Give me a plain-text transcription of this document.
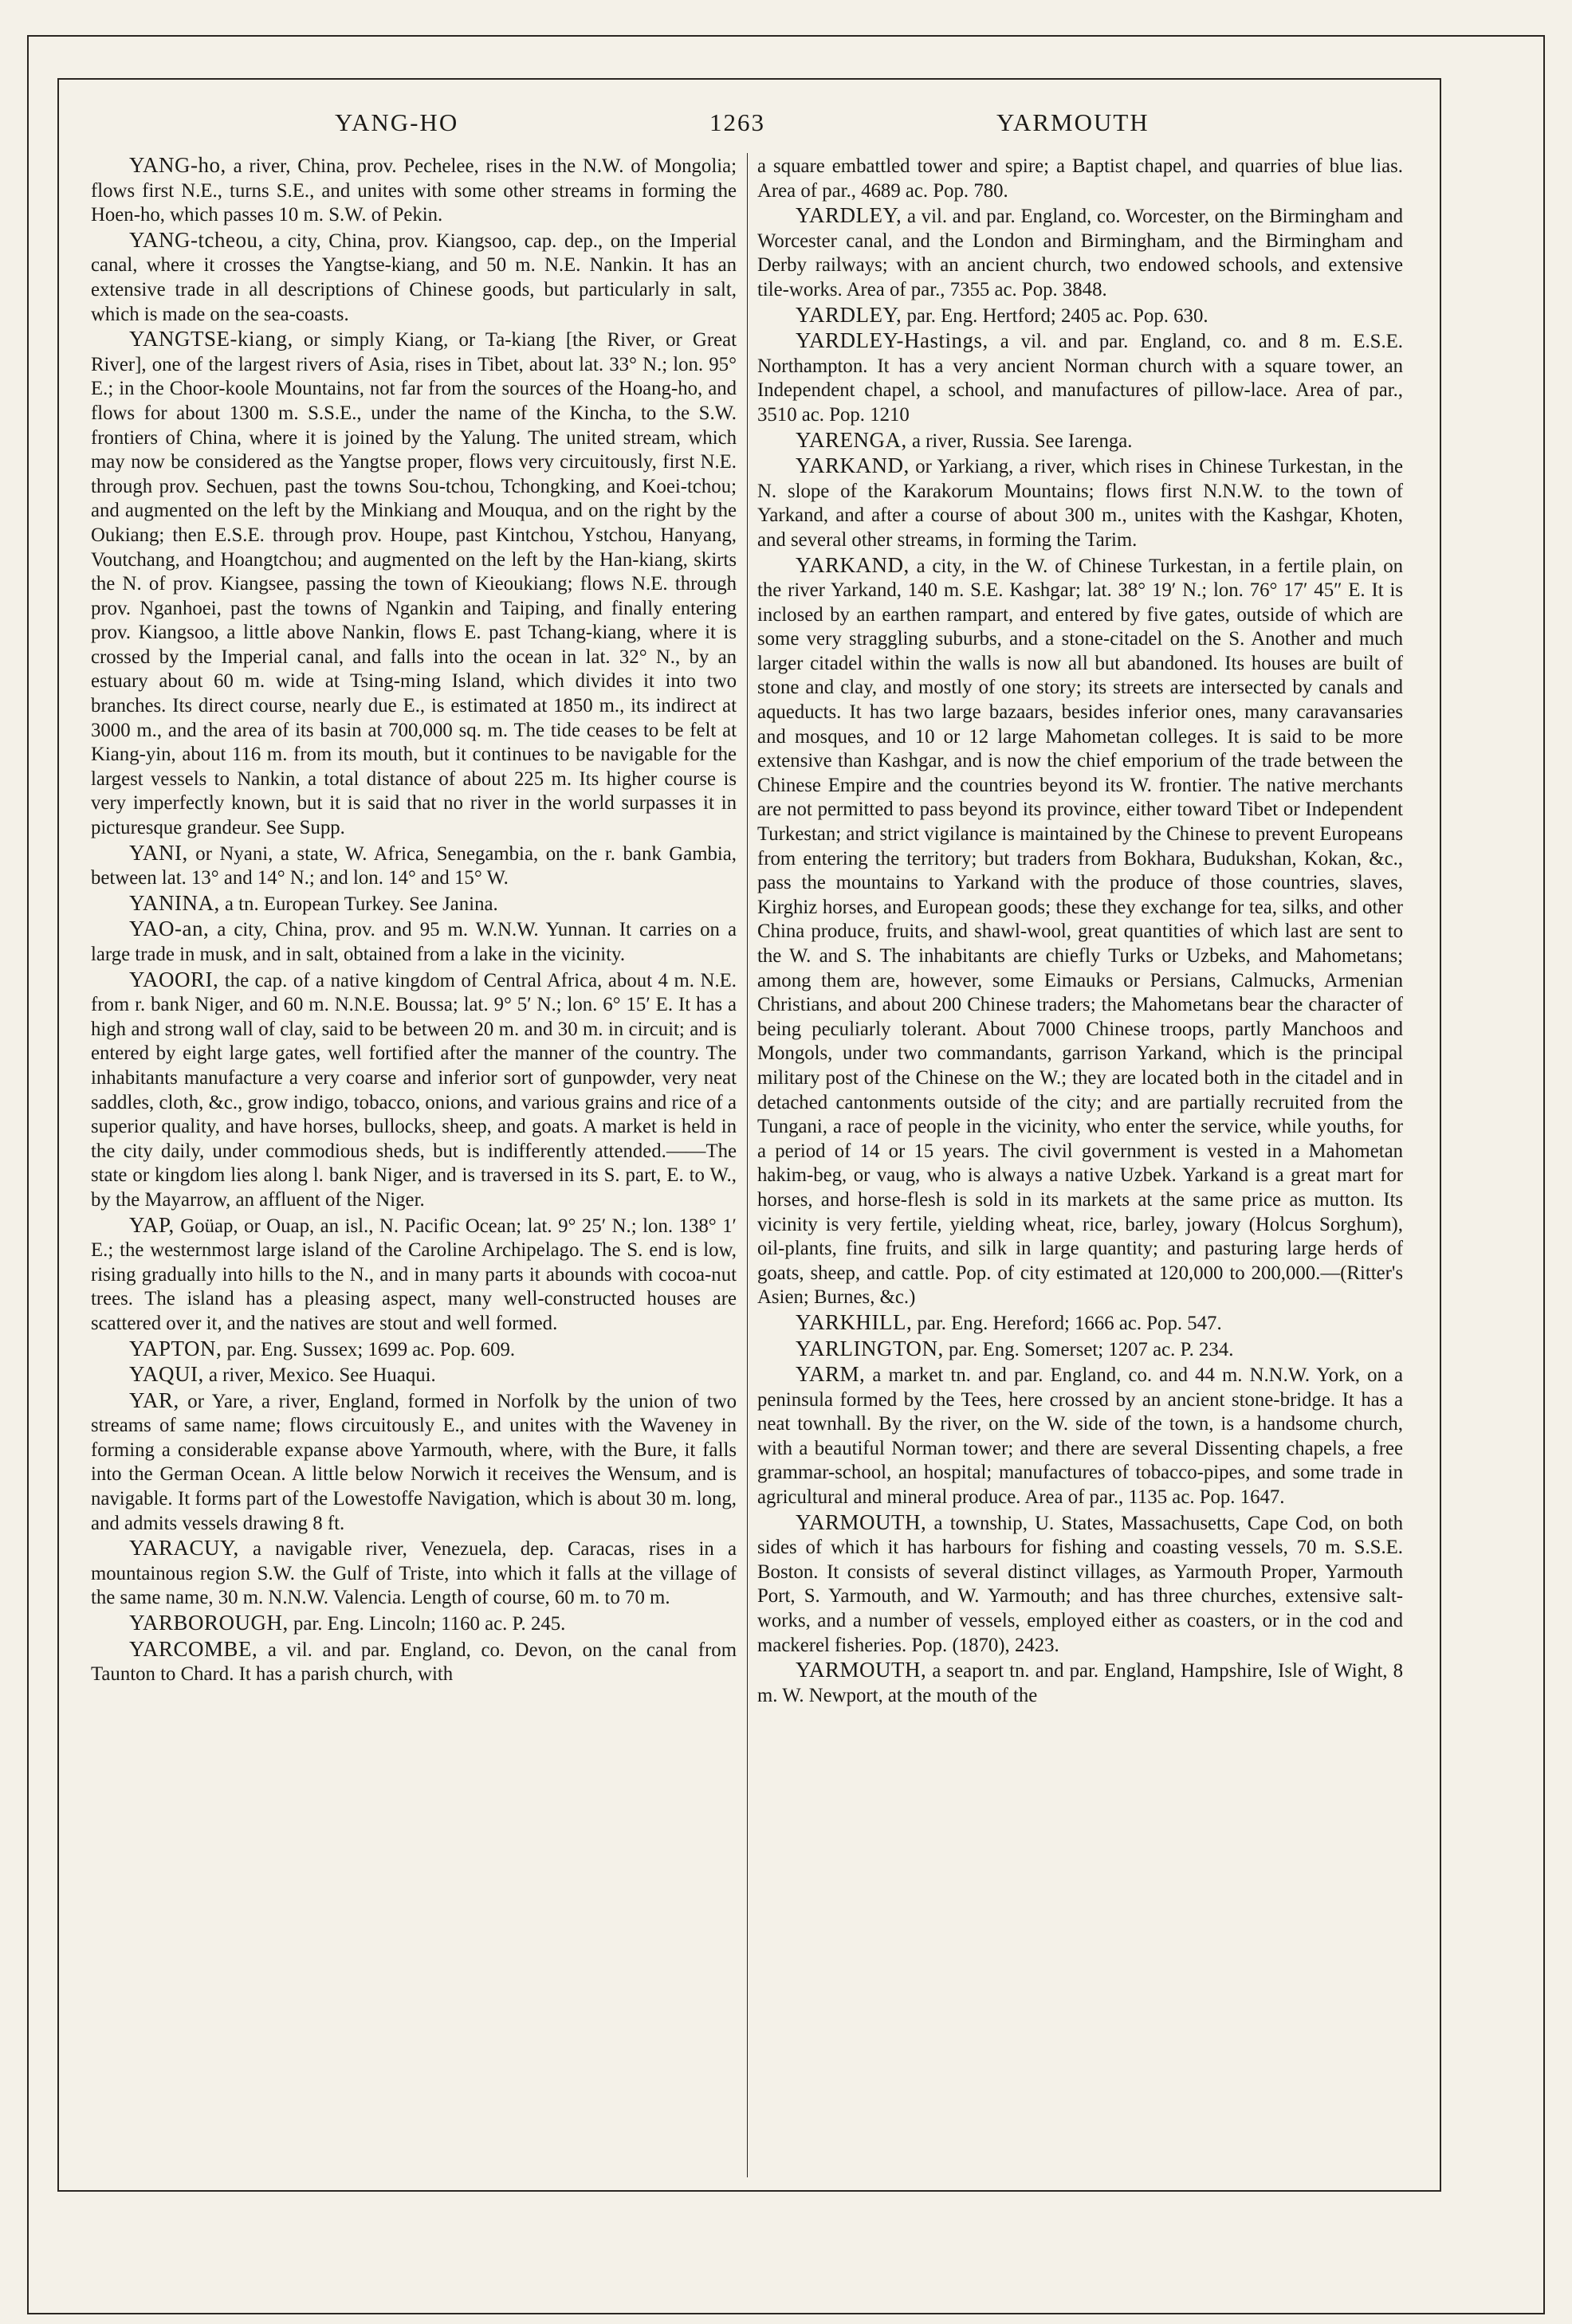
YANG-HO	1263	YARMOUTH

YANG-ho, a river, China, prov. Pechelee, rises in the N.W. of Mongolia; flows first N.E., turns S.E., and unites with some other streams in forming the Hoen-ho, which passes 10 m. S.W. of Pekin.

YANG-tcheou, a city, China, prov. Kiangsoo, cap. dep., on the Imperial canal, where it crosses the Yangtse-kiang, and 50 m. N.E. Nankin. It has an extensive trade in all descriptions of Chinese goods, but particularly in salt, which is made on the sea-coasts.

YANGTSE-kiang, or simply Kiang, or Ta-kiang [the River, or Great River], one of the largest rivers of Asia, rises in Tibet, about lat. 33° N.; lon. 95° E.; in the Choor-koole Mountains, not far from the sources of the Hoang-ho, and flows for about 1300 m. S.S.E., under the name of the Kincha, to the S.W. frontiers of China, where it is joined by the Yalung. The united stream, which may now be considered as the Yangtse proper, flows very circuitously, first N.E. through prov. Sechuen, past the towns Sou-tchou, Tchongking, and Koei-tchou; and augmented on the left by the Minkiang and Mouqua, and on the right by the Oukiang; then E.S.E. through prov. Houpe, past Kintchou, Ystchou, Hanyang, Voutchang, and Hoangtchou; and augmented on the left by the Han-kiang, skirts the N. of prov. Kiangsee, passing the town of Kieoukiang; flows N.E. through prov. Nganhoei, past the towns of Ngankin and Taiping, and finally entering prov. Kiangsoo, a little above Nankin, flows E. past Tchang-kiang, where it is crossed by the Imperial canal, and falls into the ocean in lat. 32° N., by an estuary about 60 m. wide at Tsing-ming Island, which divides it into two branches. Its direct course, nearly due E., is estimated at 1850 m., its indirect at 3000 m., and the area of its basin at 700,000 sq. m. The tide ceases to be felt at Kiang-yin, about 116 m. from its mouth, but it continues to be navigable for the largest vessels to Nankin, a total distance of about 225 m. Its higher course is very imperfectly known, but it is said that no river in the world surpasses it in picturesque grandeur. See Supp.

YANI, or Nyani, a state, W. Africa, Senegambia, on the r. bank Gambia, between lat. 13° and 14° N.; and lon. 14° and 15° W.

YANINA, a tn. European Turkey. See Janina.

YAO-an, a city, China, prov. and 95 m. W.N.W. Yunnan. It carries on a large trade in musk, and in salt, obtained from a lake in the vicinity.

YAOORI, the cap. of a native kingdom of Central Africa, about 4 m. N.E. from r. bank Niger, and 60 m. N.N.E. Boussa; lat. 9° 5′ N.; lon. 6° 15′ E. It has a high and strong wall of clay, said to be between 20 m. and 30 m. in circuit; and is entered by eight large gates, well fortified after the manner of the country. The inhabitants manufacture a very coarse and inferior sort of gunpowder, very neat saddles, cloth, &c., grow indigo, tobacco, onions, and various grains and rice of a superior quality, and have horses, bullocks, sheep, and goats. A market is held in the city daily, under commodious sheds, but is indifferently attended.——The state or kingdom lies along l. bank Niger, and is traversed in its S. part, E. to W., by the Mayarrow, an affluent of the Niger.

YAP, Goüap, or Ouap, an isl., N. Pacific Ocean; lat. 9° 25′ N.; lon. 138° 1′ E.; the westernmost large island of the Caroline Archipelago. The S. end is low, rising gradually into hills to the N., and in many parts it abounds with cocoa-nut trees. The island has a pleasing aspect, many well-constructed houses are scattered over it, and the natives are stout and well formed.

YAPTON, par. Eng. Sussex; 1699 ac. Pop. 609.

YAQUI, a river, Mexico. See Huaqui.

YAR, or Yare, a river, England, formed in Norfolk by the union of two streams of same name; flows circuitously E., and unites with the Waveney in forming a considerable expanse above Yarmouth, where, with the Bure, it falls into the German Ocean. A little below Norwich it receives the Wensum, and is navigable. It forms part of the Lowestoffe Navigation, which is about 30 m. long, and admits vessels drawing 8 ft.

YARACUY, a navigable river, Venezuela, dep. Caracas, rises in a mountainous region S.W. the Gulf of Triste, into which it falls at the village of the same name, 30 m. N.N.W. Valencia. Length of course, 60 m. to 70 m.

YARBOROUGH, par. Eng. Lincoln; 1160 ac. P. 245.

YARCOMBE, a vil. and par. England, co. Devon, on the canal from Taunton to Chard. It has a parish church, with

a square embattled tower and spire; a Baptist chapel, and quarries of blue lias. Area of par., 4689 ac. Pop. 780.

YARDLEY, a vil. and par. England, co. Worcester, on the Birmingham and Worcester canal, and the London and Birmingham, and the Birmingham and Derby railways; with an ancient church, two endowed schools, and extensive tile-works. Area of par., 7355 ac. Pop. 3848.

YARDLEY, par. Eng. Hertford; 2405 ac. Pop. 630.

YARDLEY-Hastings, a vil. and par. England, co. and 8 m. E.S.E. Northampton. It has a very ancient Norman church with a square tower, an Independent chapel, a school, and manufactures of pillow-lace. Area of par., 3510 ac. Pop. 1210

YARENGA, a river, Russia. See Iarenga.

YARKAND, or Yarkiang, a river, which rises in Chinese Turkestan, in the N. slope of the Karakorum Mountains; flows first N.N.W. to the town of Yarkand, and after a course of about 300 m., unites with the Kashgar, Khoten, and several other streams, in forming the Tarim.

YARKAND, a city, in the W. of Chinese Turkestan, in a fertile plain, on the river Yarkand, 140 m. S.E. Kashgar; lat. 38° 19′ N.; lon. 76° 17′ 45″ E. It is inclosed by an earthen rampart, and entered by five gates, outside of which are some very straggling suburbs, and a stone-citadel on the S. Another and much larger citadel within the walls is now all but abandoned. Its houses are built of stone and clay, and mostly of one story; its streets are intersected by canals and aqueducts. It has two large bazaars, besides inferior ones, many caravansaries and mosques, and 10 or 12 large Mahometan colleges. It is said to be more extensive than Kashgar, and is now the chief emporium of the trade between the Chinese Empire and the countries beyond its W. frontier. The native merchants are not permitted to pass beyond its province, either toward Tibet or Independent Turkestan; and strict vigilance is maintained by the Chinese to prevent Europeans from entering the territory; but traders from Bokhara, Budukshan, Kokan, &c., pass the mountains to Yarkand with the produce of those countries, slaves, Kirghiz horses, and European goods; these they exchange for tea, silks, and other China produce, fruits, and shawl-wool, great quantities of which last are sent to the W. and S. The inhabitants are chiefly Turks or Uzbeks, and Mahometans; among them are, however, some Eimauks or Persians, Calmucks, Armenian Christians, and about 200 Chinese traders; the Mahometans bear the character of being peculiarly tolerant. About 7000 Chinese troops, partly Manchoos and Mongols, under two commandants, garrison Yarkand, which is the principal military post of the Chinese on the W.; they are located both in the citadel and in detached cantonments outside of the city; and are partially recruited from the Tungani, a race of people in the vicinity, who enter the service, while youths, for a period of 14 or 15 years. The civil government is vested in a Mahometan hakim-beg, or vaug, who is always a native Uzbek. Yarkand is a great mart for horses, and horse-flesh is sold in its markets at the same price as mutton. Its vicinity is very fertile, yielding wheat, rice, barley, jowary (Holcus Sorghum), oil-plants, fine fruits, and silk in large quantity; and pasturing large herds of goats, sheep, and cattle. Pop. of city estimated at 120,000 to 200,000.—(Ritter's Asien; Burnes, &c.)

YARKHILL, par. Eng. Hereford; 1666 ac. Pop. 547.

YARLINGTON, par. Eng. Somerset; 1207 ac. P. 234.

YARM, a market tn. and par. England, co. and 44 m. N.N.W. York, on a peninsula formed by the Tees, here crossed by an ancient stone-bridge. It has a neat townhall. By the river, on the W. side of the town, is a handsome church, with a beautiful Norman tower; and there are several Dissenting chapels, a free grammar-school, an hospital; manufactures of tobacco-pipes, and some trade in agricultural and mineral produce. Area of par., 1135 ac. Pop. 1647.

YARMOUTH, a township, U. States, Massachusetts, Cape Cod, on both sides of which it has harbours for fishing and coasting vessels, 70 m. S.S.E. Boston. It consists of several distinct villages, as Yarmouth Proper, Yarmouth Port, S. Yarmouth, and W. Yarmouth; and has three churches, extensive salt-works, and a number of vessels, employed either as coasters, or in the cod and mackerel fisheries. Pop. (1870), 2423.

YARMOUTH, a seaport tn. and par. England, Hampshire, Isle of Wight, 8 m. W. Newport, at the mouth of the
